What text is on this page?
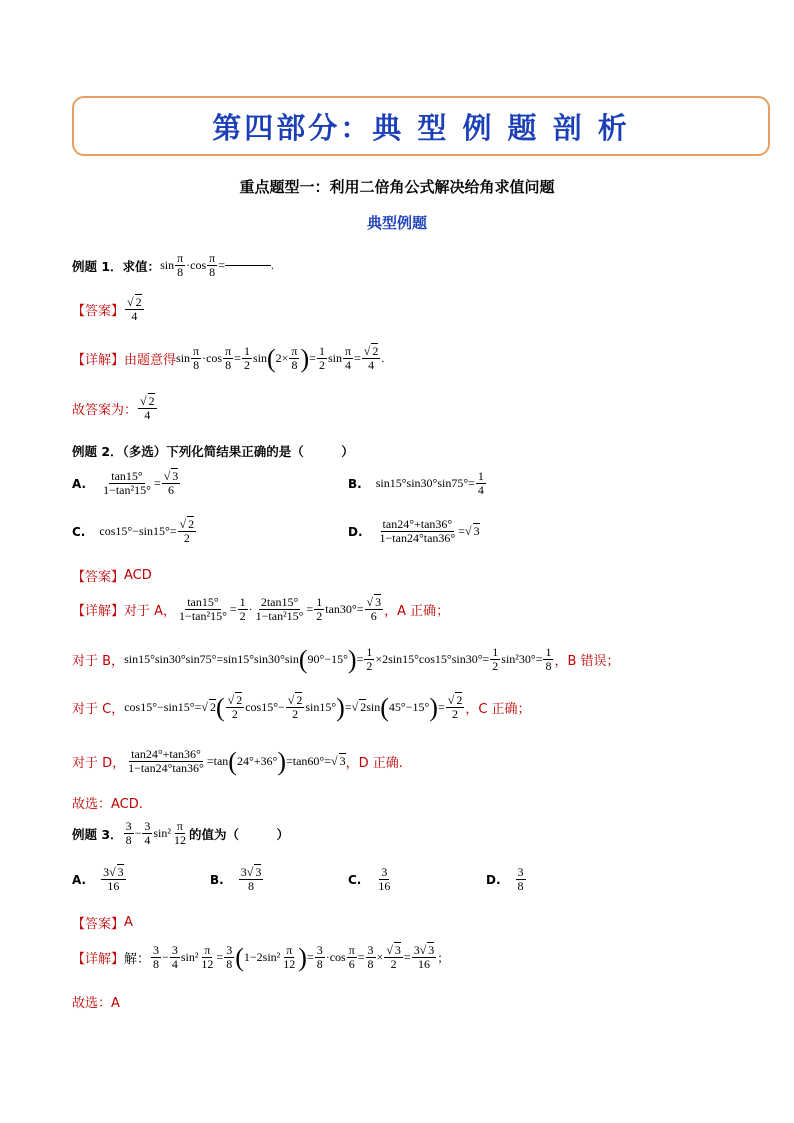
第四部分：典 型 例 题 剖 析
重点题型一：利用二倍角公式解决给角求值问题
典型例题
例题 1．求值： $\sin \frac{\pi}{8} \cdot\cos \frac{\pi}{8}$ =	.
【答案】 $\frac{√ 2}{4}$
【详解】 由题意得 $\sin \frac{\pi}{8} \cdot\cos \frac{\pi}{8} = \frac{1}{2}$ sin ( $2\times \frac{\pi}{8}$ ) = $\frac{1}{2}$ $\sin \frac{\pi}{4} = \frac{√ 2}{4}$ .
故答案为： $\frac{√ 2}{4}$
例题 2．（多选）下列化简结果正确的是（　　　）
A. $\frac{\tan 15^\circ}{\text{1−tan²15°}} = \frac{√ 3}{6}$	B. $\sin 15^\circ\sin 30^\circ\sin 75^\circ= \frac{1}{4}$
C. $\cos 15^\circ-\sin 15^\circ= \frac{√ 2}{2}$	D. $\frac{\tan 24^\circ+\tan 36^\circ}{1-\tan 24^\circ\tan 36^\circ}$ =√ 3
【答案】 ACD
【详解】 对于 A， $\frac{\tan 15^\circ}{\text{1−tan²15°}} = \frac{1}{2} \cdot \frac{2\tan 15^\circ}{\text{1−tan²15°}} = \frac{1}{2} \tan 30^\circ= \frac{√ 3}{6}$ ，A 正确；
对于 B， sin15°sin30°sin75°=sin15°sin30°sin ( 90°−15° ) = $\frac{1}{2} \times 2\sin 15^\circ\cos 15^\circ\sin 30^\circ= \frac{1}{2} \sin^230^\circ= \frac{1}{8}$ ，B 错误；
对于 C， cos15°−sin15°=√ 2 ( $\frac{√ 2}{2} \cos 15^\circ- \frac{√ 2}{2} \sin 15^\circ$ ) =√ 2sin ( 45°−15° ) = $\frac{√ 2}{2}$ ，C 正确；
对于 D， $\frac{\tan 24^\circ+\tan 36^\circ}{1-\tan 24^\circ\tan 36^\circ} =\tan$ ( 24°+36° ) =tan60°=√ 3 ，D 正确.
故选：ACD.
例题 3． $\frac{3}{8} - \frac{3}{4} \sin^2 \frac{\pi}{12}$ 的值为（　　　）
A. $\frac{3√ 3}{16}$	B. $\frac{3√ 3}{8}$	C. $\frac{3}{16}$	D. $\frac{3}{8}$
【答案】 A
【详解】 解： $\frac{3}{8} - \frac{3}{4} \sin^2 \frac{\pi}{12} = \frac{3}{8}$ ( $1-2\sin^2 \frac{\pi}{12}$ ) = $\frac{3}{8} \cdot\cos \frac{\pi}{6} = \frac{3}{8} \times \frac{√ 3}{2} = \frac{3√ 3}{16}$ ；
故选：A
